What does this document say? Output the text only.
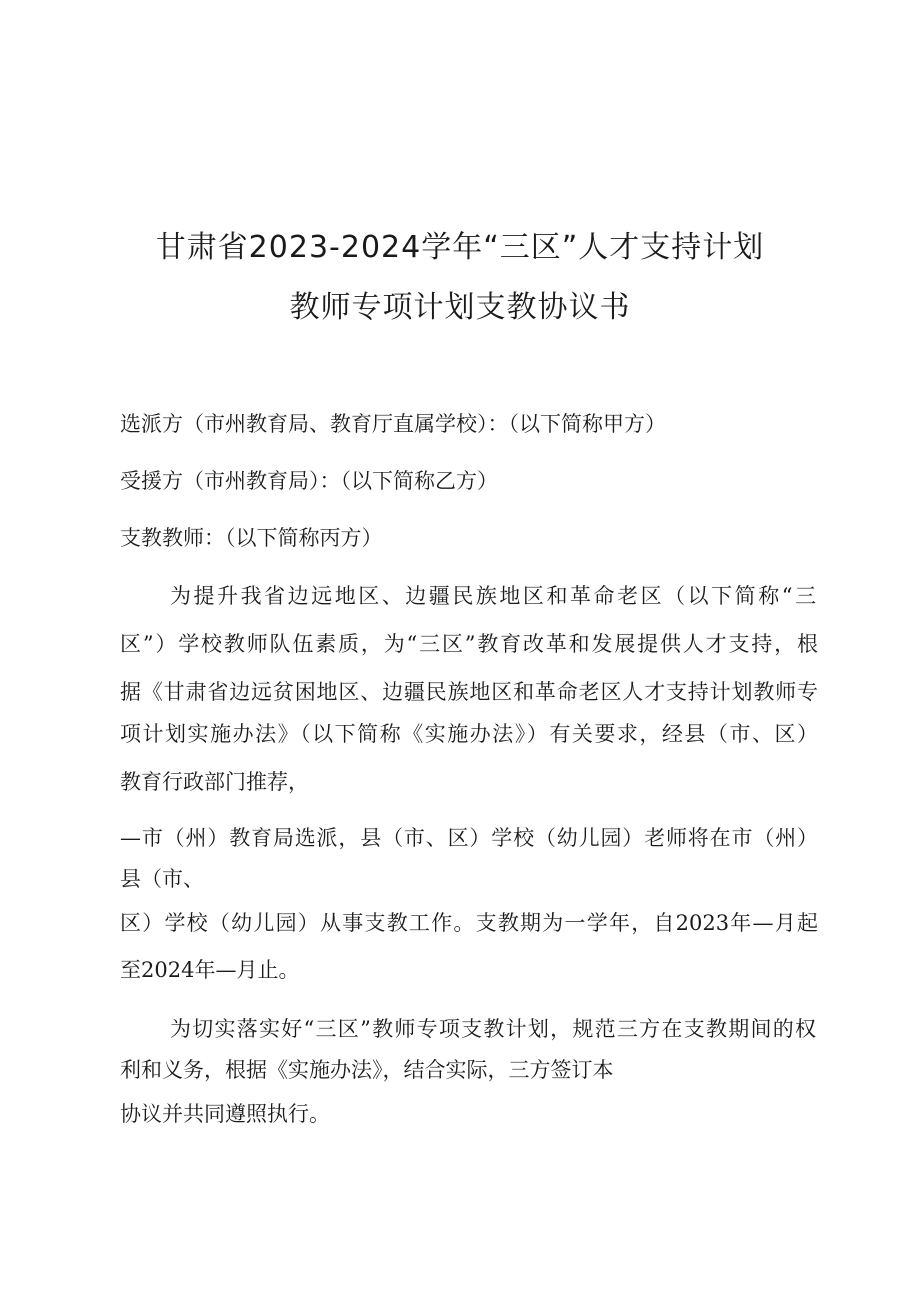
甘肃省2023-2024学年“三区”人才支持计划
教师专项计划支教协议书

选派方（市州教育局、教育厅直属学校）：（以下简称甲方）

受援方（市州教育局）：（以下简称乙方）

支教教师：（以下简称丙方）

为提升我省边远地区、边疆民族地区和革命老区（以下简称“三

区”）学校教师队伍素质，为“三区”教育改革和发展提供人才支持，根

据《甘肃省边远贫困地区、边疆民族地区和革命老区人才支持计划教师专

项计划实施办法》（以下简称《实施办法》）有关要求，经县（市、区）

教育行政部门推荐，

—市（州）教育局选派，县（市、区）学校（幼儿园）老师将在市（州）

县（市、

区）学校（幼儿园）从事支教工作。支教期为一学年，自2023年—月起

至2024年—月止。

为切实落实好“三区”教师专项支教计划，规范三方在支教期间的权

利和义务，根据《实施办法》，结合实际，三方签订本

协议并共同遵照执行。
